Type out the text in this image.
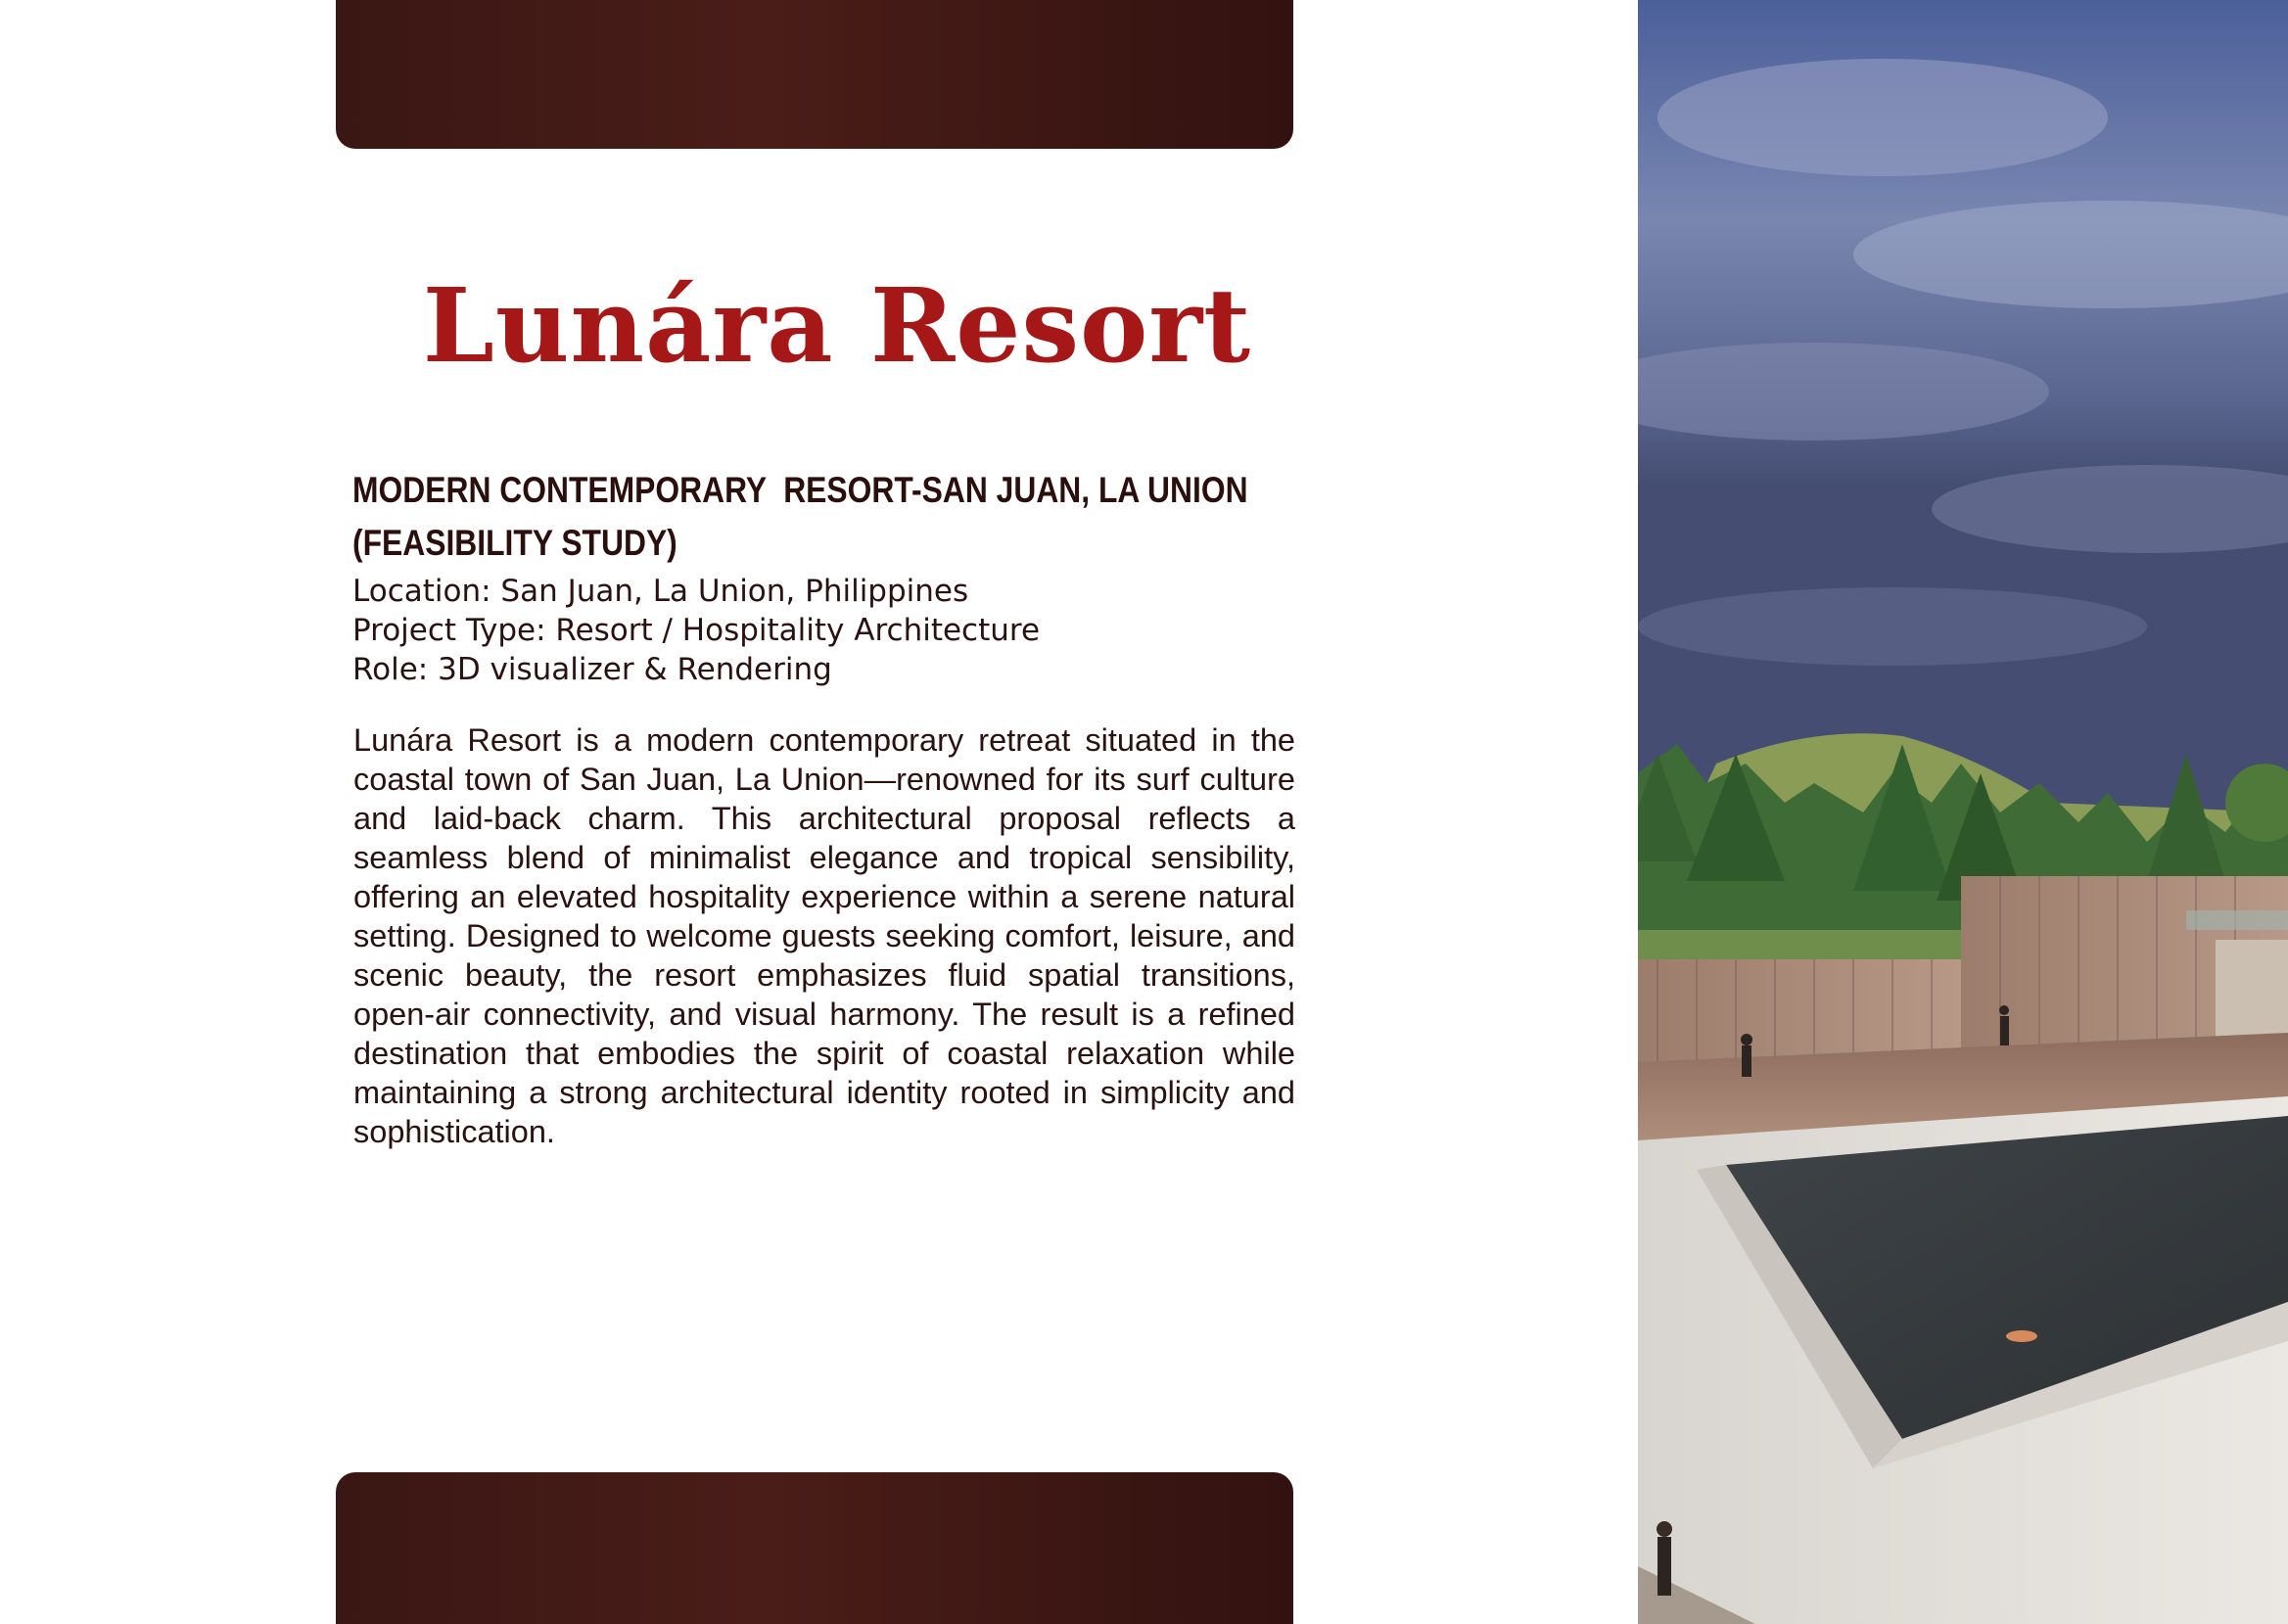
Lunára Resort
MODERN CONTEMPORARY  RESORT-SAN JUAN, LA UNION
(FEASIBILITY STUDY)
Location: San Juan, La Union, Philippines
Project Type: Resort / Hospitality Architecture
Role: 3D visualizer & Rendering

Lunára Resort is a modern contemporary retreat situated in the coastal town of San Juan, La Union—renowned for its surf culture and laid-back charm. This architectural proposal reflects a seamless blend of minimalist elegance and tropical sensibility, offering an elevated hospitality experience within a serene natural setting. Designed to welcome guests seeking comfort, leisure, and scenic beauty, the resort emphasizes fluid spatial transitions, open-air connectivity, and visual harmony. The result is a refined destination that embodies the spirit of coastal relaxation while maintaining a strong architectural identity rooted in simplicity and sophistication.
